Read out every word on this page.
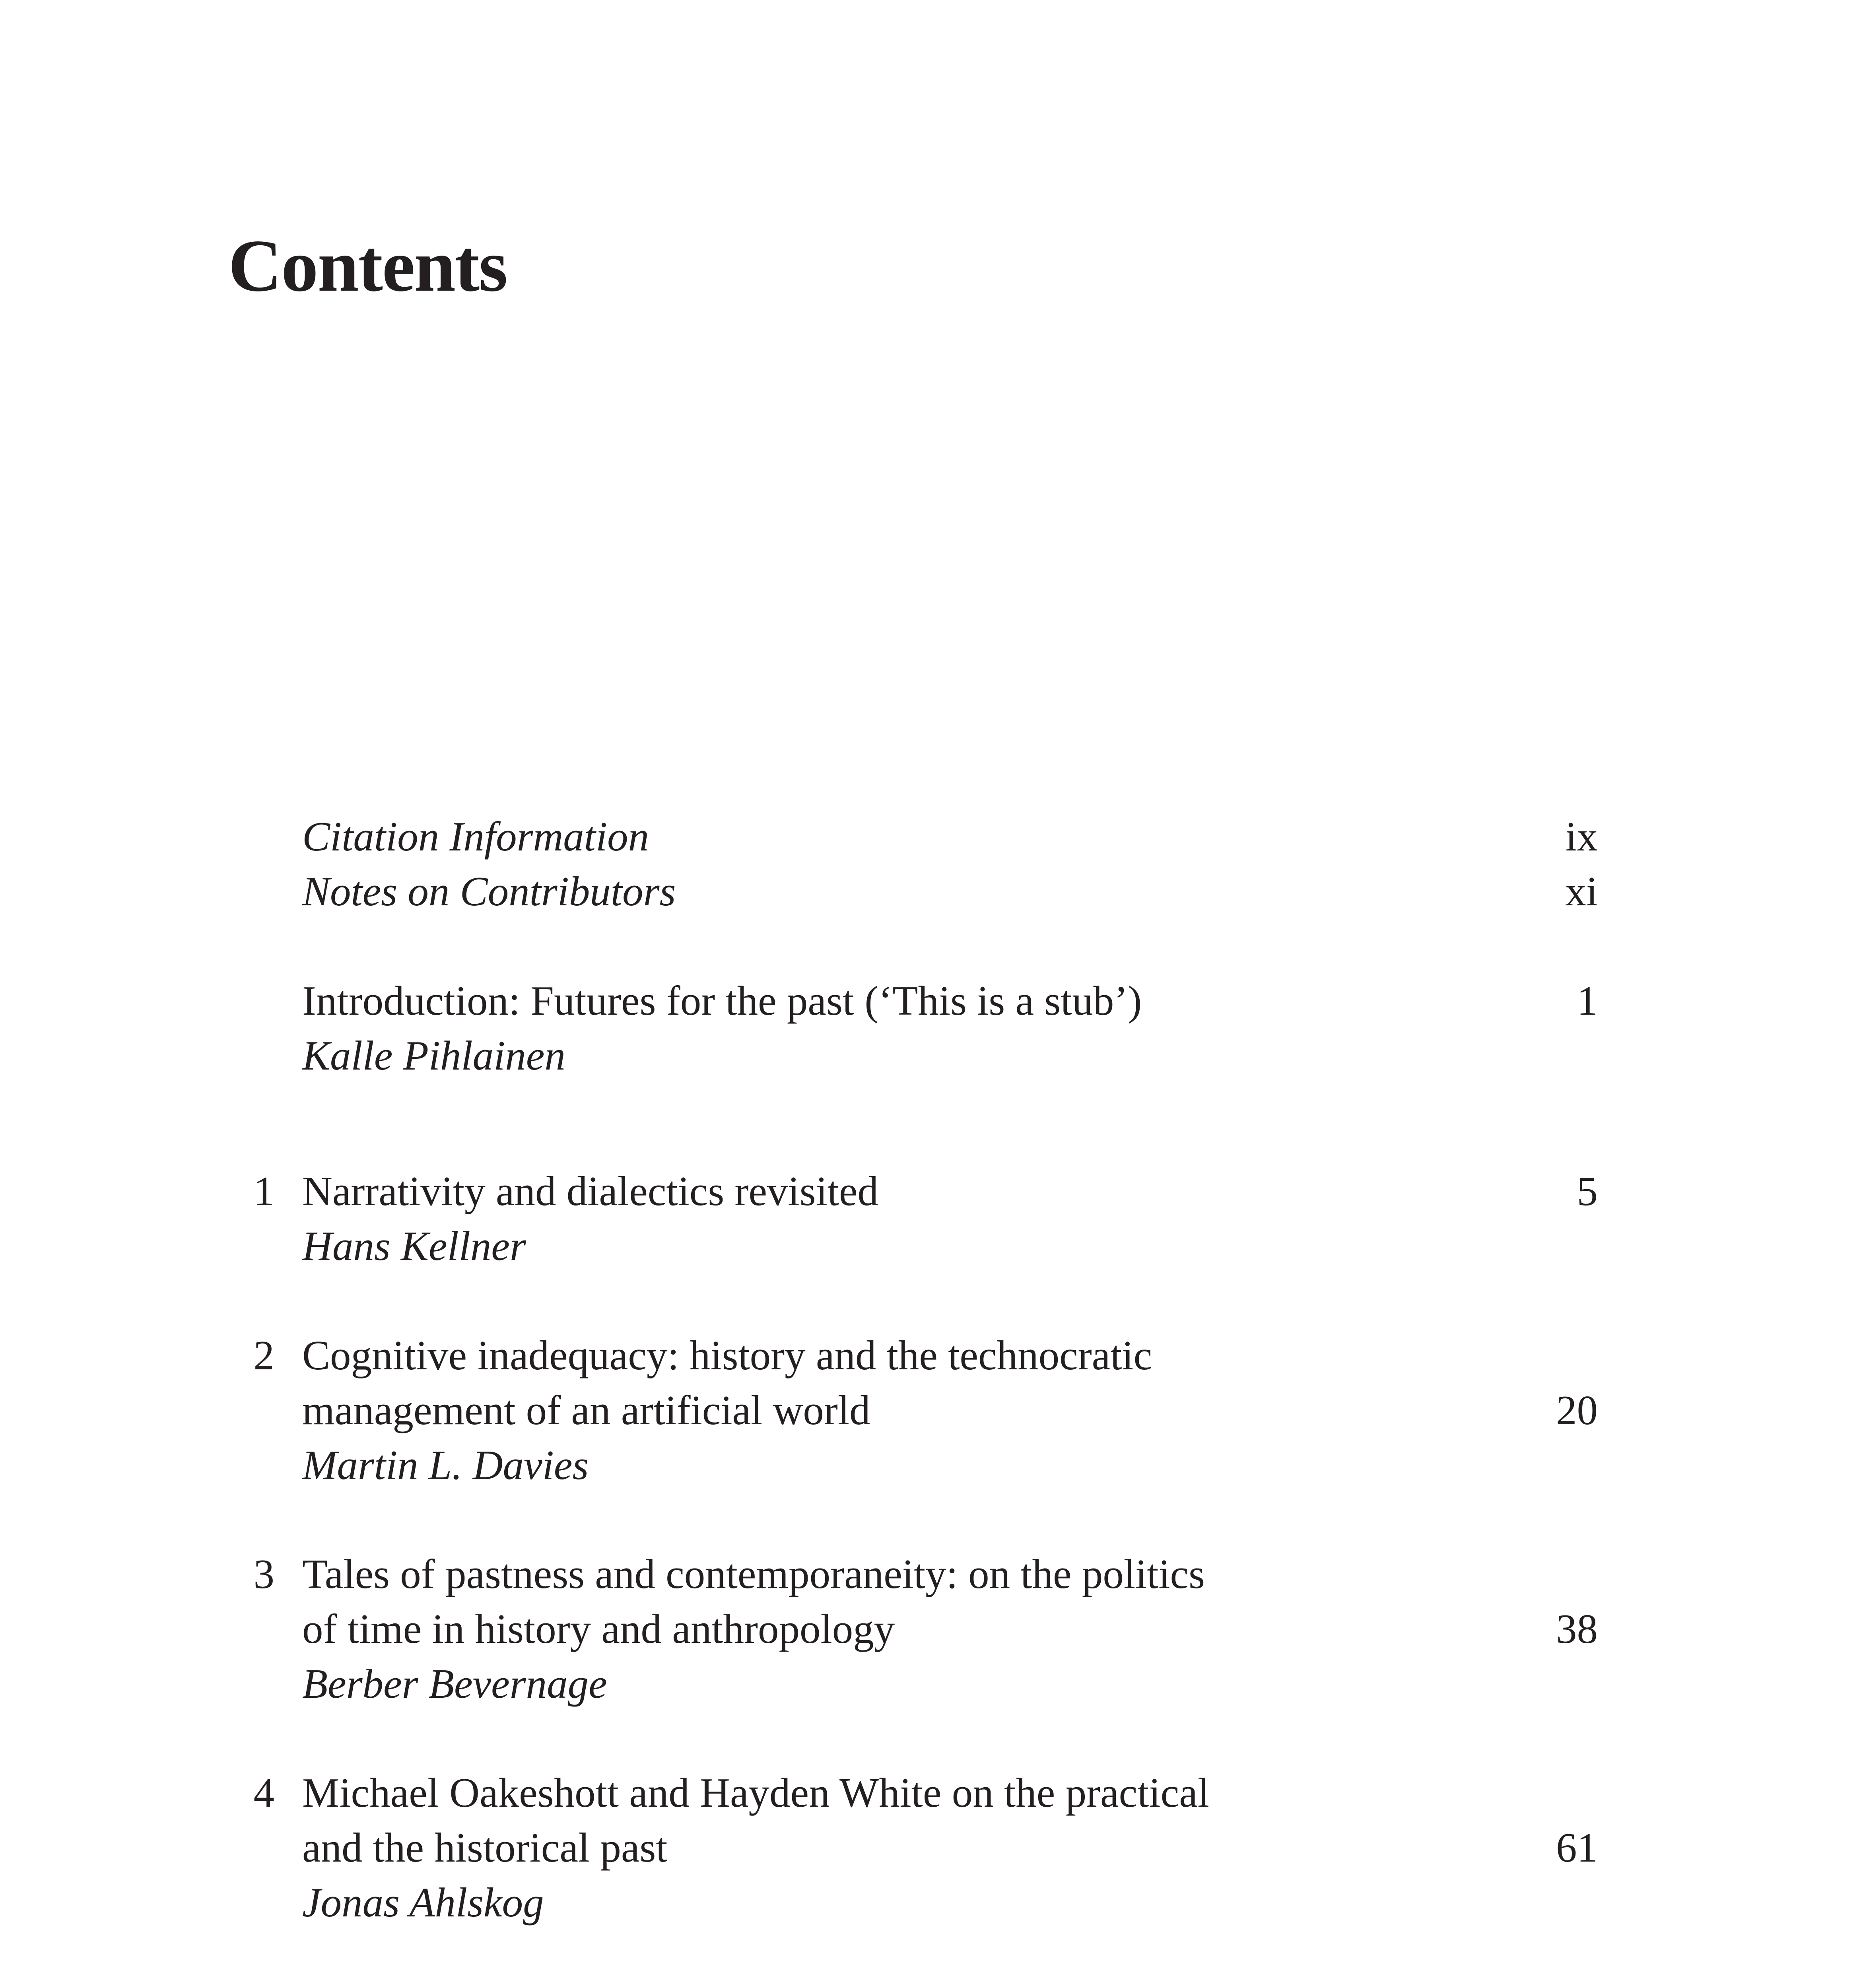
Contents
Citation Information	ix
Notes on Contributors	xi
Introduction: Futures for the past (‘This is a stub’)
Kalle Pihlainen
1
1 Narrativity and dialectics revisited
Hans Kellner
5
2 Cognitive inadequacy: history and the technocratic
management of an artificial world
Martin L. Davies
20
3 Tales of pastness and contemporaneity: on the politics
of time in history and anthropology
Berber Bevernage
38
4 Michael Oakeshott and Hayden White on the practical
and the historical past
Jonas Ahlskog
61
